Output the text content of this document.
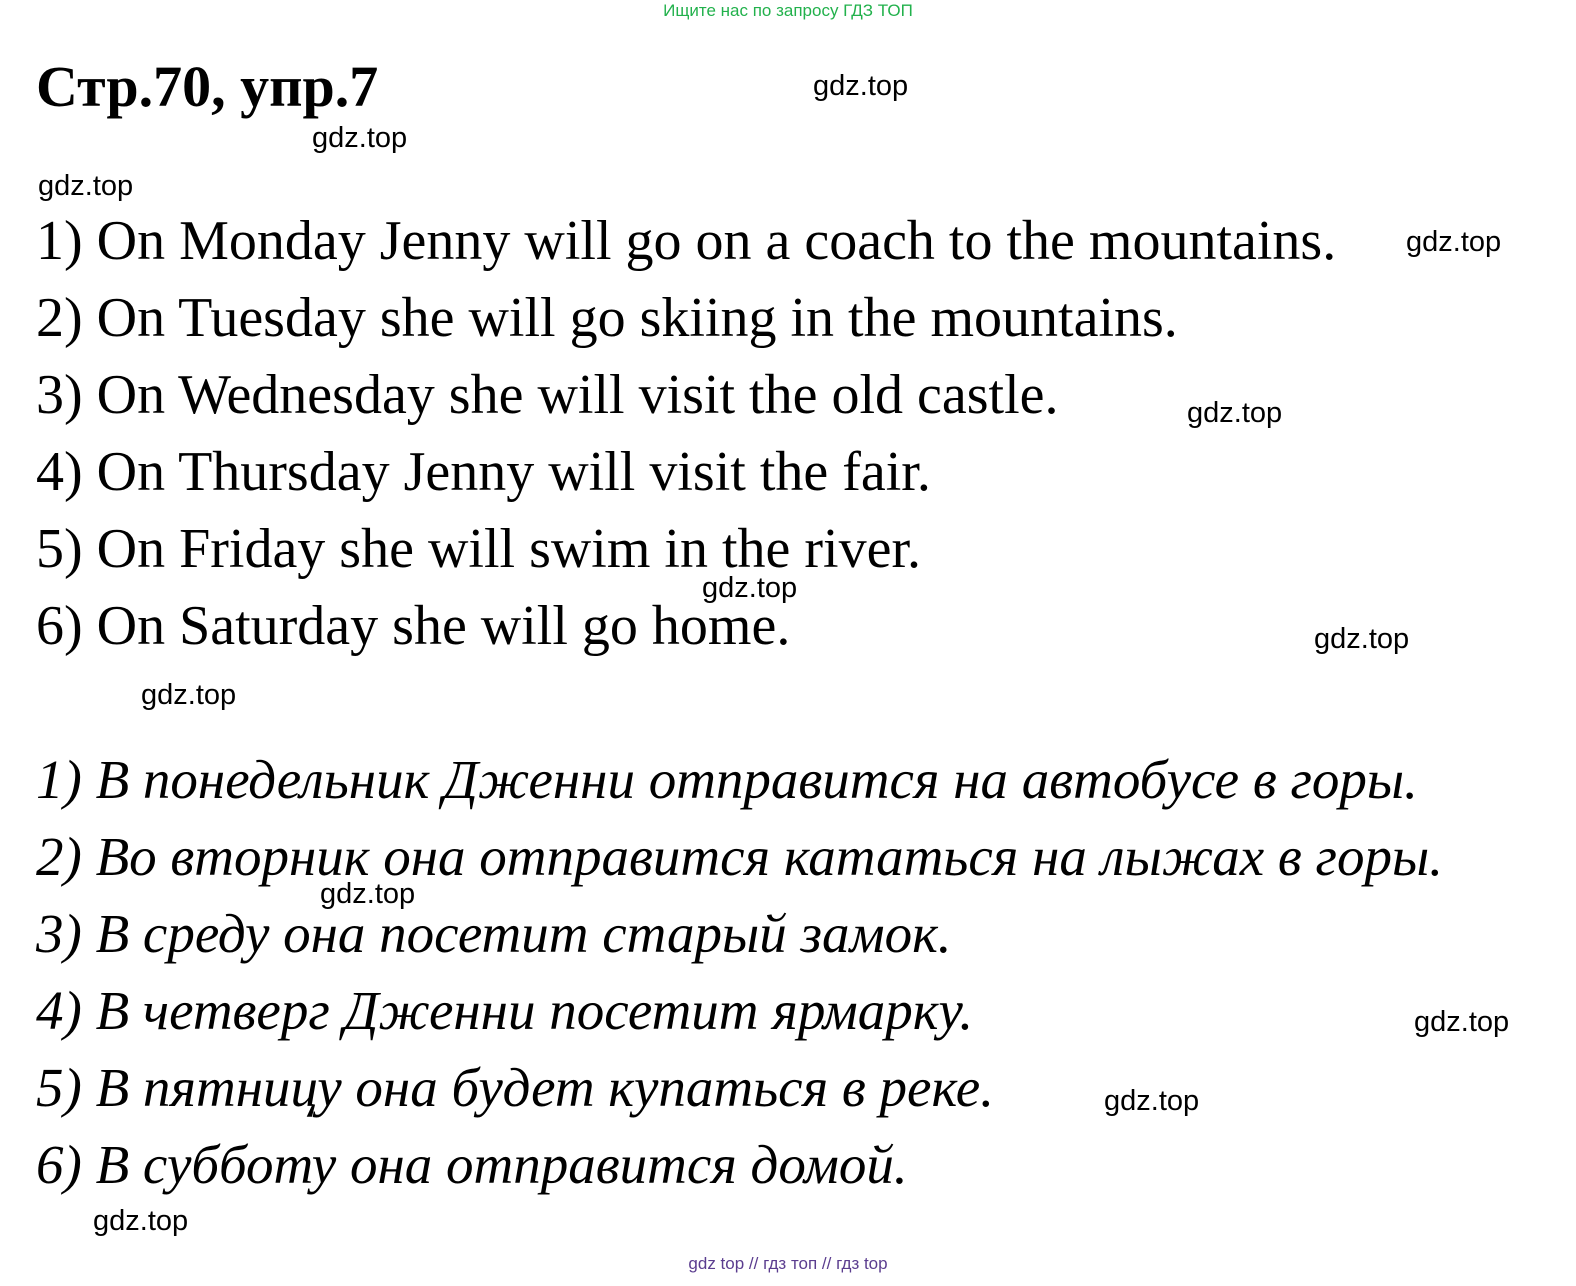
Ищите нас по запросу ГДЗ ТОП
Стр.70, упр.7
1) On Monday Jenny will go on a coach to the mountains.
2) On Tuesday she will go skiing in the mountains.
3) On Wednesday she will visit the old castle.
4) On Thursday Jenny will visit the fair.
5) On Friday she will swim in the river.
6) On Saturday she will go home.
1) В понедельник Дженни отправится на автобусе в горы.
2) Во вторник она отправится кататься на лыжах в горы.
3) В среду она посетит старый замок.
4) В четверг Дженни посетит ярмарку.
5) В пятницу она будет купаться в реке.
6) В субботу она отправится домой.
gdz.top
gdz.top
gdz.top
gdz.top
gdz.top
gdz.top
gdz.top
gdz.top
gdz.top
gdz.top
gdz.top
gdz.top
gdz top // гдз топ // гдз top
